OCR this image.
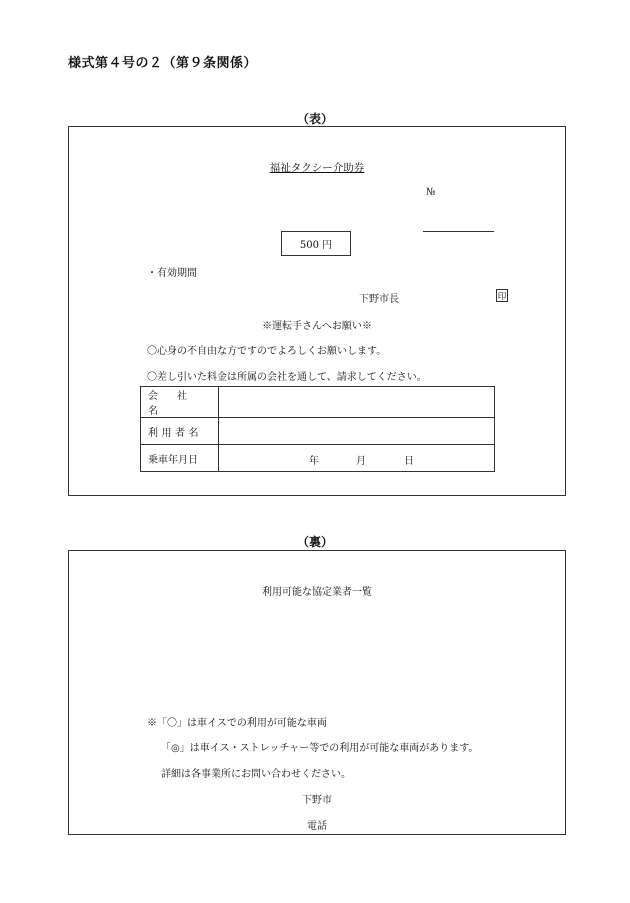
様式第４号の２（第９条関係）
（表）
福祉タクシー介助券
№
500 円
・有効期間
下野市長	印
※運転手さんへお願い※
〇心身の不自由な方ですのでよろしくお願いします。
〇差し引いた料金は所属の会社を通して、請求してください。
会 社 名	
利用者名	
乗車年月日	年 月 日
（裏）
利用可能な協定業者一覧
※「〇」は車イスでの利用が可能な車両
「◎」は車イス・ストレッチャー等での利用が可能な車両があります。
詳細は各事業所にお問い合わせください。
下野市
電話
